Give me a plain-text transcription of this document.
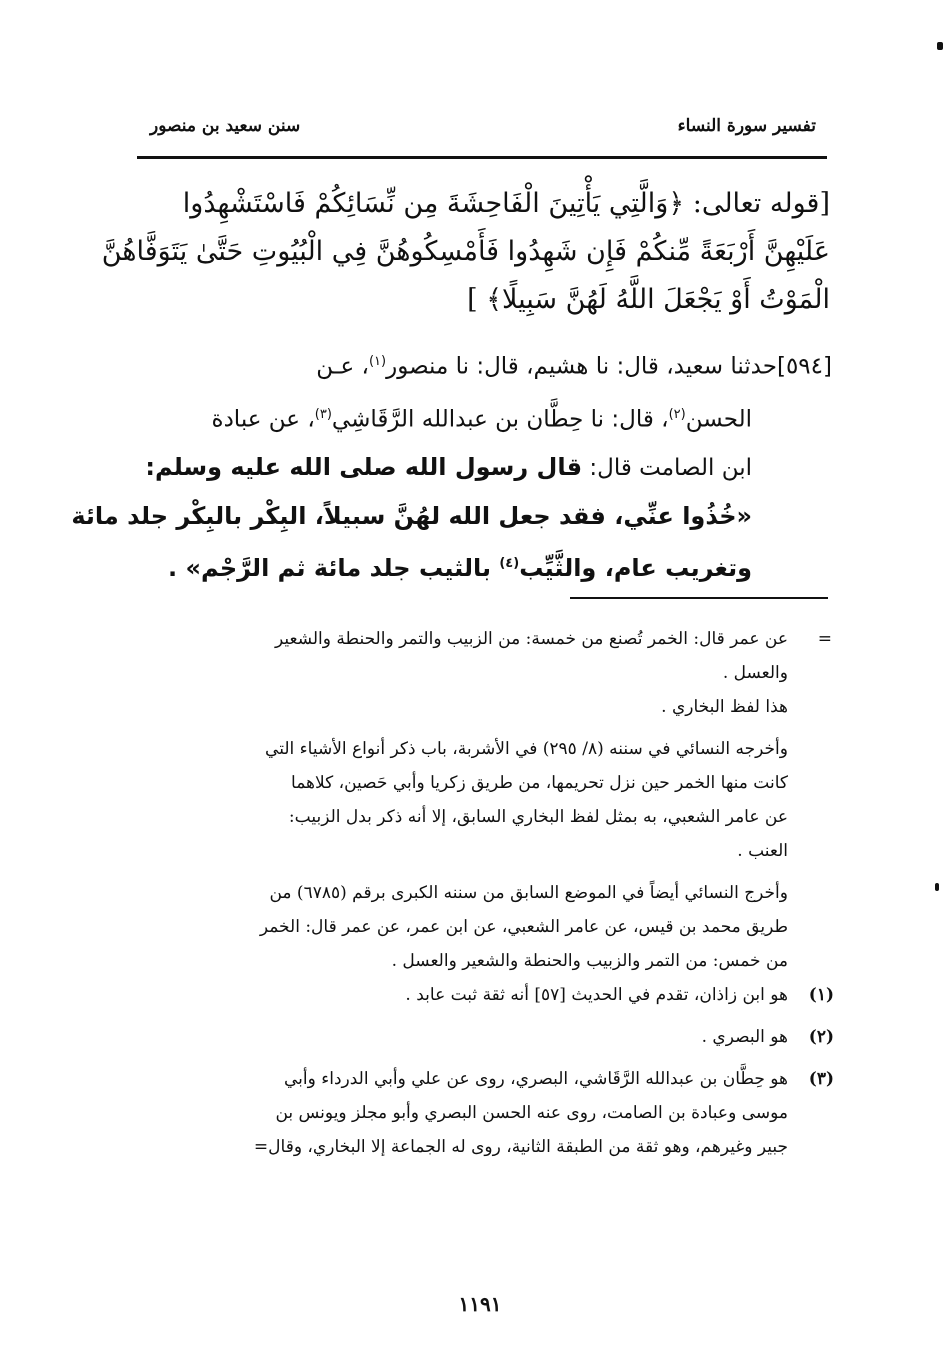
تفسير سورة النساء
سنن سعيد بن منصور
[قوله تعالى: ﴿وَالَّتِي يَأْتِينَ الْفَاحِشَةَ مِن نِّسَائِكُمْ فَاسْتَشْهِدُوا
عَلَيْهِنَّ أَرْبَعَةً مِّنكُمْ فَإِن شَهِدُوا فَأَمْسِكُوهُنَّ فِي الْبُيُوتِ حَتَّىٰ يَتَوَفَّاهُنَّ
الْمَوْتُ أَوْ يَجْعَلَ اللَّهُ لَهُنَّ سَبِيلًا﴾ ]
[٥٩٤]حدثنا سعيد، قال: نا هشيم، قال: نا منصور$^{(١)}$، عـن
الحسن$^{(٢)}$، قال: نا حِطَّان بن عبدالله الرَّقَاشِي$^{(٣)}$، عن عبادة
ابن الصامت قال: قال رسول الله صلى الله عليه وسلم:
«خُذُوا عنِّي، فقد جعل الله لهُنَّ سبيلاً، البِكْر بالبِكْر جلد مائة
وتغريب عام، والثَّيِّب$^{(٤)}$ بالثيب جلد مائة ثم الرَّجْم» .
=
عن عمر قال: الخمر تُصنع من خمسة: من الزبيب والتمر والحنطة والشعير
والعسل .
هذا لفظ البخاري .
وأخرجه النسائي في سننه (٨/ ٢٩٥) في الأشربة، باب ذكر أنواع الأشياء التي
كانت منها الخمر حين نزل تحريمها، من طريق زكريا وأبي حَصين، كلاهما
عن عامر الشعبي، به بمثل لفظ البخاري السابق، إلا أنه ذكر بدل الزبيب:
العنب .
وأخرج النسائي أيضاً في الموضع السابق من سننه الكبرى برقم (٦٧٨٥) من
طريق محمد بن قيس، عن عامر الشعبي، عن ابن عمر، عن عمر قال: الخمر
من خمس: من التمر والزبيب والحنطة والشعير والعسل .
(١)
هو ابن زاذان، تقدم في الحديث [٥٧] أنه ثقة ثبت عابد .
(٢)
هو البصري .
(٣)
هو حِطَّان بن عبدالله الرَّقَاشي، البصري، روى عن علي وأبي الدرداء وأبي
موسى وعبادة بن الصامت، روى عنه الحسن البصري وأبو مجلز ويونس بن
جبير وغيرهم، وهو ثقة من الطبقة الثانية، روى له الجماعة إلا البخاري، وقال=
١١٩١
